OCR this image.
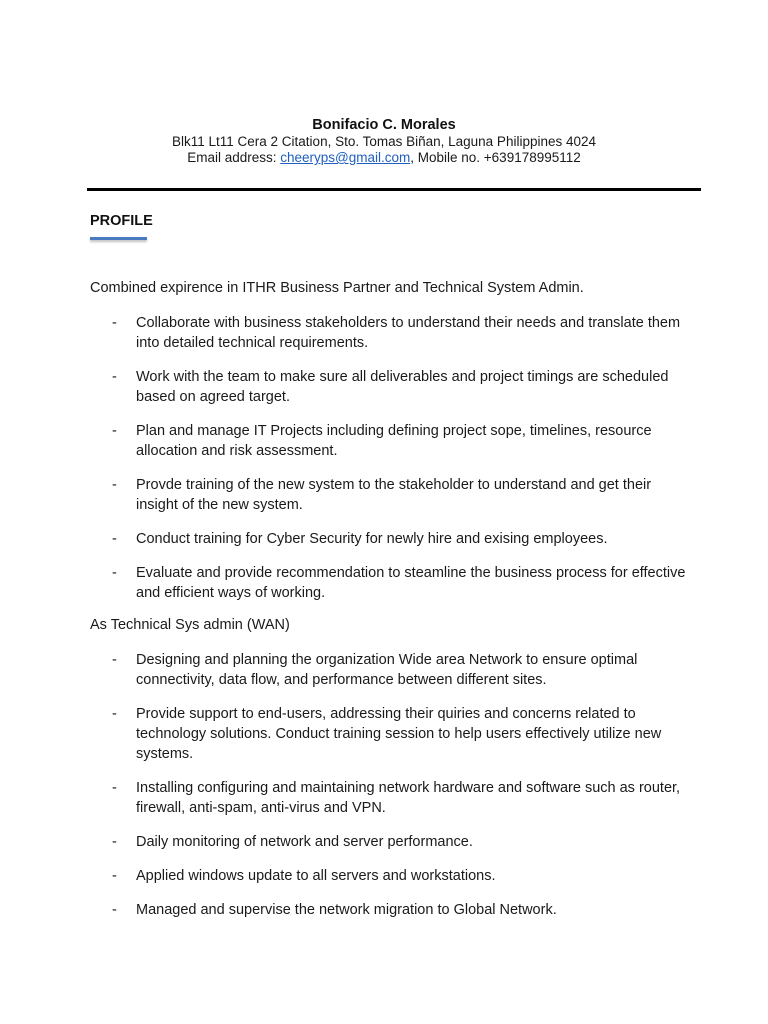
Bonifacio C. Morales
Blk11 Lt11 Cera 2 Citation, Sto. Tomas Biñan, Laguna Philippines 4024
Email address: cheeryps@gmail.com, Mobile no. +639178995112
PROFILE
Combined expirence in ITHR Business Partner and Technical System Admin.
- Collaborate with business stakeholders to understand their needs and translate them into detailed technical requirements.
- Work with the team to make sure all deliverables and project timings are scheduled based on agreed target.
- Plan and manage IT Projects including defining project sope, timelines, resource allocation and risk assessment.
- Provde training of the new system to the stakeholder to understand and get their insight of the new system.
- Conduct training for Cyber Security for newly hire and exising employees.
- Evaluate and provide recommendation to steamline the business process for effective and efficient ways of working.
As Technical Sys admin (WAN)
- Designing and planning the organization Wide area Network to ensure optimal connectivity, data flow, and performance between different sites.
- Provide support to end-users, addressing their quiries and concerns related to technology solutions. Conduct training session to help users effectively utilize new systems.
- Installing configuring and maintaining network hardware and software such as router, firewall, anti-spam, anti-virus and VPN.
- Daily monitoring of network and server performance.
- Applied windows update to all servers and workstations.
- Managed and supervise the network migration to Global Network.
